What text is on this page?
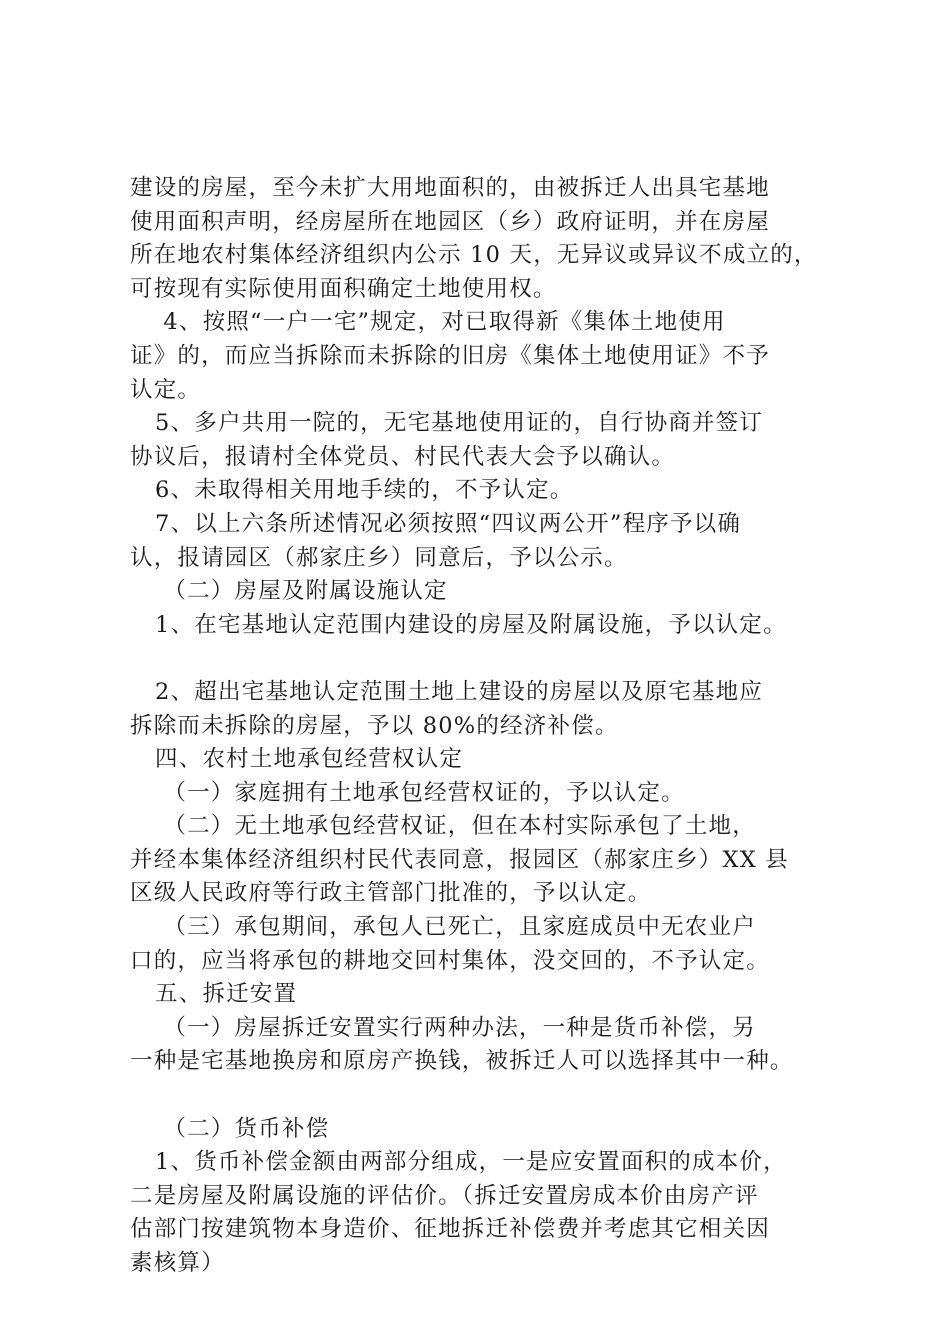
建设的房屋，至今未扩大用地面积的，由被拆迁人出具宅基地

使用面积声明，经房屋所在地园区（乡）政府证明，并在房屋

所在地农村集体经济组织内公示 10 天，无异议或异议不成立的，

可按现有实际使用面积确定土地使用权。

4、按照“一户一宅”规定，对已取得新《集体土地使用

证》的，而应当拆除而未拆除的旧房《集体土地使用证》不予

认定。

5、多户共用一院的，无宅基地使用证的，自行协商并签订

协议后，报请村全体党员、村民代表大会予以确认。

6、未取得相关用地手续的，不予认定。

7、以上六条所述情况必须按照“四议两公开”程序予以确

认，报请园区（郝家庄乡）同意后，予以公示。

（二）房屋及附属设施认定

1、在宅基地认定范围内建设的房屋及附属设施，予以认定。

2、超出宅基地认定范围土地上建设的房屋以及原宅基地应

拆除而未拆除的房屋，予以 80%的经济补偿。

四、农村土地承包经营权认定

（一）家庭拥有土地承包经营权证的，予以认定。

（二）无土地承包经营权证，但在本村实际承包了土地，

并经本集体经济组织村民代表同意，报园区（郝家庄乡）XX 县

区级人民政府等行政主管部门批准的，予以认定。

（三）承包期间，承包人已死亡，且家庭成员中无农业户

口的，应当将承包的耕地交回村集体，没交回的，不予认定。

五、拆迁安置

（一）房屋拆迁安置实行两种办法，一种是货币补偿，另

一种是宅基地换房和原房产换钱，被拆迁人可以选择其中一种。

（二）货币补偿

1、货币补偿金额由两部分组成，一是应安置面积的成本价，

二是房屋及附属设施的评估价。（拆迁安置房成本价由房产评

估部门按建筑物本身造价、征地拆迁补偿费并考虑其它相关因

素核算）
